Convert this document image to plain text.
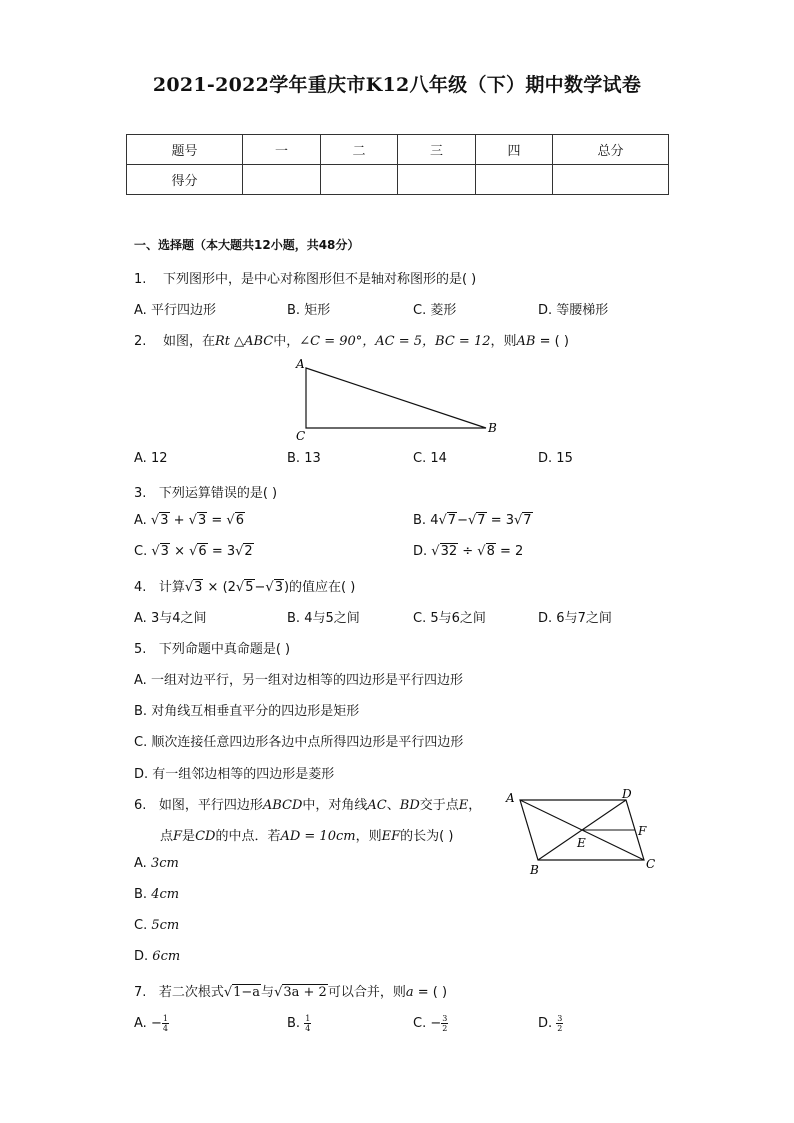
2021-2022学年重庆市K12八年级（下）期中数学试卷
题号	一	二	三	四	总分
得分					
一、选择题（本大题共12小题，共48分）
1. 下列图形中，是中心对称图形但不是轴对称图形的是( )
A. 平行四边形	B. 矩形	C. 菱形	D. 等腰梯形
2. 如图，在Rt △ABC中，∠C = 90°，AC = 5，BC = 12，则AB = ( )
A
C
B
A. 12	B. 13	C. 14	D. 15
3. 下列运算错误的是( )
A. √3 + √3 = √6	B. 4√7−√7 = 3√7
C. √3 × √6 = 3√2	D. √32 ÷ √8 = 2
4. 计算√3 × (2√5−√3)的值应在( )
A. 3与4之间	B. 4与5之间	C. 5与6之间	D. 6与7之间
5. 下列命题中真命题是( )
A. 一组对边平行，另一组对边相等的四边形是平行四边形
B. 对角线互相垂直平分的四边形是矩形
C. 顺次连接任意四边形各边中点所得四边形是平行四边形
D. 有一组邻边相等的四边形是菱形
6. 如图，平行四边形ABCD中，对角线AC、BD交于点E，
点F是CD的中点．若AD = 10cm，则EF的长为( )
A	D
F
E
C
B
A. 3cm
B. 4cm
C. 5cm
D. 6cm
7. 若二次根式√1−a与√3a + 2可以合并，则a = ( )
A. − $\frac{1}{4}$	B. $\frac{1}{4}$	C. − $\frac{3}{2}$	D. $\frac{3}{2}$
